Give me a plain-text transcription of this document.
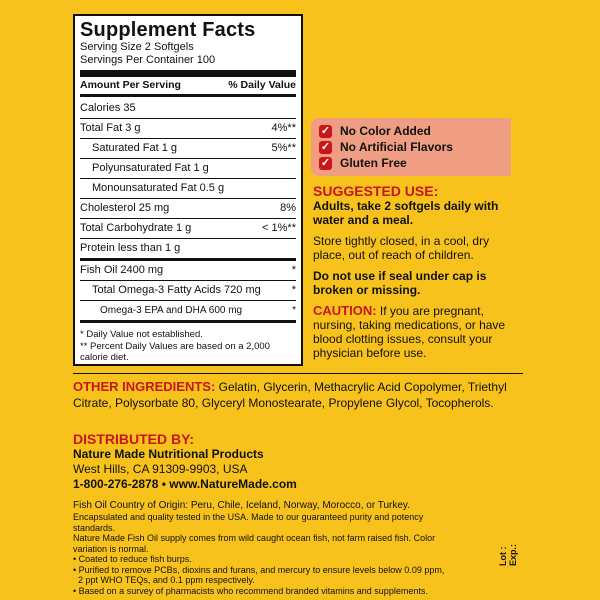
Supplement Facts
Serving Size 2 Softgels
Servings Per Container 100
Amount Per Serving	% Daily Value
Calories 35
Total Fat 3 g	4%**
Saturated Fat 1 g	5%**
Polyunsaturated Fat 1 g
Monounsaturated Fat 0.5 g
Cholesterol 25 mg	8%
Total Carbohydrate 1 g	< 1%**
Protein less than 1 g
Fish Oil 2400 mg	*
Total Omega-3 Fatty Acids 720 mg	*
Omega-3 EPA and DHA 600 mg	*
* Daily Value not established.
** Percent Daily Values are based on a 2,000 calorie diet.
✓ No Color Added
✓ No Artificial Flavors
✓ Gluten Free
SUGGESTED USE:

Adults, take 2 softgels daily with water and a meal.

Store tightly closed, in a cool, dry place, out of reach of children.

Do not use if seal under cap is broken or missing.

CAUTION: If you are pregnant, nursing, taking medications, or have blood clotting issues, consult your physician before use.

OTHER INGREDIENTS: Gelatin, Glycerin, Methacrylic Acid Copolymer, Triethyl Citrate, Polysorbate 80, Glyceryl Monostearate, Propylene Glycol, Tocopherols.
DISTRIBUTED BY:
Nature Made Nutritional Products
West Hills, CA 91309-9903, USA
1-800-276-2878 • www.NatureMade.com
Fish Oil Country of Origin: Peru, Chile, Iceland, Norway, Morocco, or Turkey.
Encapsulated and quality tested in the USA. Made to our guaranteed purity and potency standards.
Nature Made Fish Oil supply comes from wild caught ocean fish, not farm raised fish. Color variation is normal.
• Coated to reduce fish burps.
• Purified to remove PCBs, dioxins and furans, and mercury to ensure levels below 0.09 ppm,
2 ppt WHO TEQs, and 0.1 ppm respectively.
• Based on a survey of pharmacists who recommend branded vitamins and supplements.
Lot : Exp.:
